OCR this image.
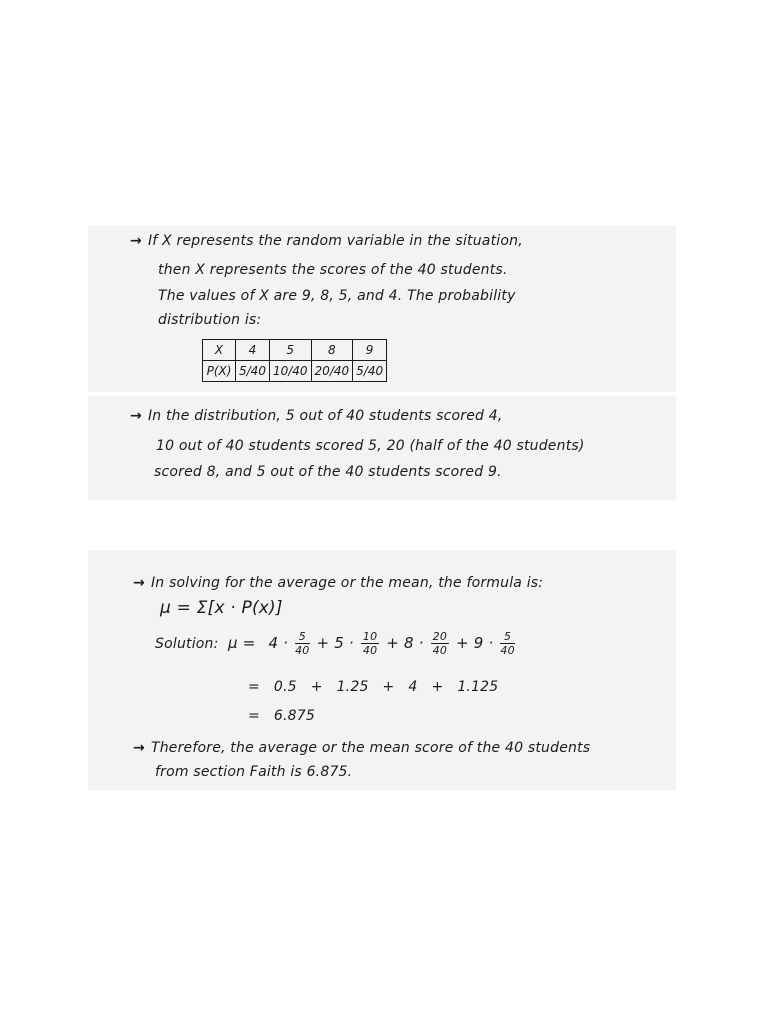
→ If X represents the random variable in the situation,
then X represents the scores of the 40 students.
The values of X are 9, 8, 5, and 4. The probability
distribution is:
X	4	5	8	9
P(X)	5/40	10/40	20/40	5/40
→ In the distribution, 5 out of 40 students scored 4,
10 out of 40 students scored 5, 20 (half of the 40 students)
scored 8, and 5 out of the 40 students scored 9.
→ In solving for the average or the mean, the formula is:
μ = Σ[x · P(x)]
Solution: $\mu = 4 \cdot \frac{5}{40} + 5 \cdot \frac{10}{40} + 8 \cdot \frac{20}{40} + 9 \cdot \frac{5}{40}$
=   0.5   +   1.25   +   4   +   1.125
=   6.875
→ Therefore, the average or the mean score of the 40 students
from section Faith is 6.875.
